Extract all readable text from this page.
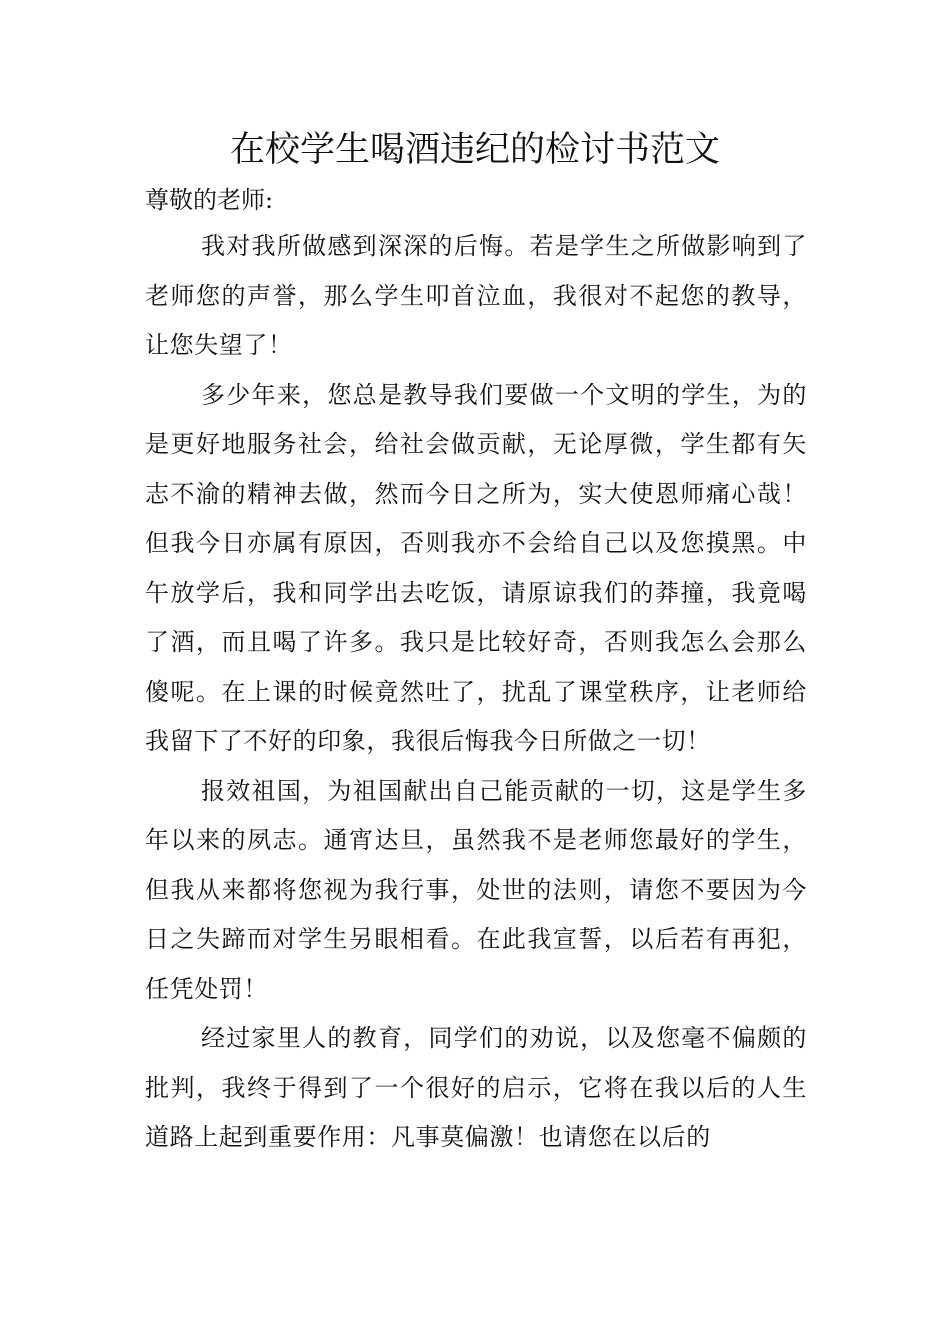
在校学生喝酒违纪的检讨书范文

尊敬的老师:

我对我所做感到深深的后悔。若是学生之所做影响到了老师您的声誉，那么学生叩首泣血，我很对不起您的教导，让您失望了！

多少年来，您总是教导我们要做一个文明的学生，为的是更好地服务社会，给社会做贡献，无论厚微，学生都有矢志不渝的精神去做，然而今日之所为，实大使恩师痛心哉！但我今日亦属有原因，否则我亦不会给自己以及您摸黑。中午放学后，我和同学出去吃饭，请原谅我们的莽撞，我竟喝了酒，而且喝了许多。我只是比较好奇，否则我怎么会那么傻呢。在上课的时候竟然吐了，扰乱了课堂秩序，让老师给我留下了不好的印象，我很后悔我今日所做之一切！

报效祖国，为祖国献出自己能贡献的一切，这是学生多年以来的夙志。通宵达旦，虽然我不是老师您最好的学生，但我从来都将您视为我行事，处世的法则，请您不要因为今日之失蹄而对学生另眼相看。在此我宣誓，以后若有再犯，任凭处罚！

经过家里人的教育，同学们的劝说，以及您毫不偏颇的批判，我终于得到了一个很好的启示，它将在我以后的人生道路上起到重要作用：凡事莫偏激！也请您在以后的
